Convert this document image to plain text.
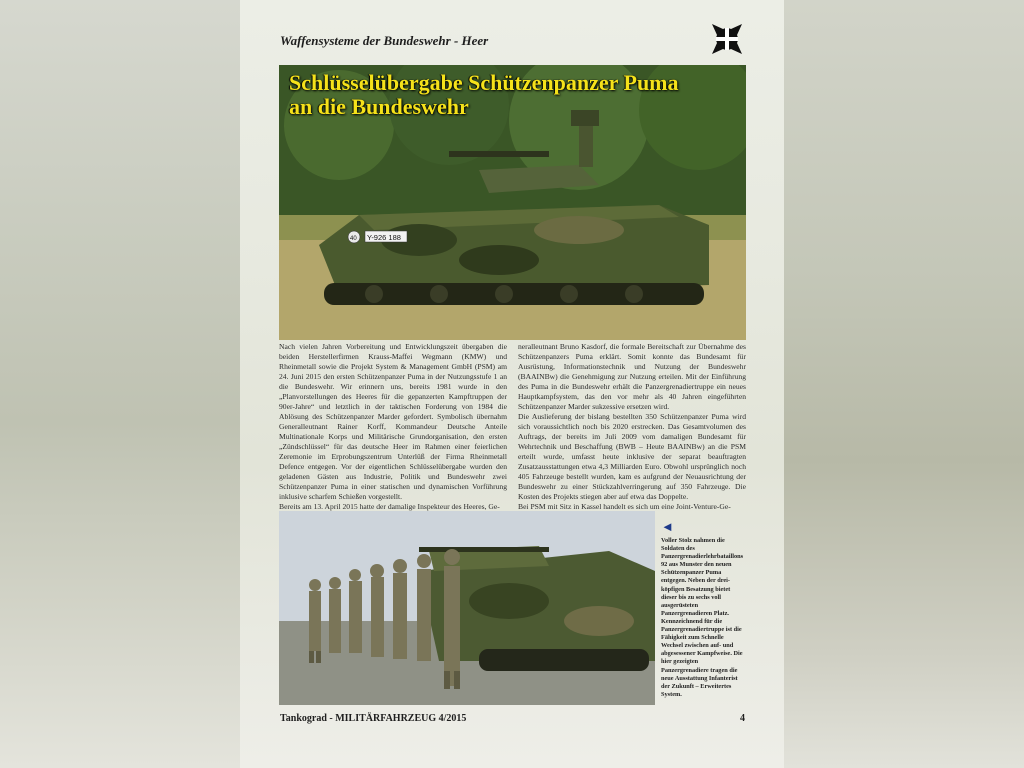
Waffensysteme der Bundeswehr - Heer
Y-926 188
40
Schlüsselübergabe Schützenpanzer Puma
an die Bundeswehr

Nach vielen Jahren Vorbereitung und Entwicklungszeit übergaben die beiden Herstellerfirmen Krauss-Maffei Wegmann (KMW) und Rheinmetall sowie die Projekt System & Management GmbH (PSM) am 24. Juni 2015 den ersten Schützenpanzer Puma in der Nutzungsstufe 1 an die Bundeswehr. Wir erinnern uns, bereits 1981 wurde in den „Planvorstellungen des Heeres für die gepanzerten Kampftruppen der 90er-Jahre“ und letztlich in der taktischen Forderung von 1984 die Ablösung des Schützenpanzer Marder gefordert. Symbolisch übernahm Generalleutnant Rainer Korff, Kommandeur Deutsche Anteile Multinationale Korps und Militärische Grundorganisation, den ersten „Zündschlüssel“ für das deutsche Heer im Rahmen einer feierlichen Zeremonie im Erprobungszentrum Unterlüß der Firma Rheinmetall Defence entgegen. Vor der eigentlichen Schlüsselübergabe wurden den geladenen Gästen aus Industrie, Politik und Bundeswehr zwei Schützenpanzer Puma in einer statischen und dynamischen Vorführung inklusive scharfem Schießen vorgestellt.

Bereits am 13. April 2015 hatte der damalige Inspekteur des Heeres, Ge-

neralleutnant Bruno Kasdorf, die formale Bereitschaft zur Übernahme des Schützenpanzers Puma erklärt. Somit konnte das Bundesamt für Ausrüstung, Informationstechnik und Nutzung der Bundeswehr (BAAINBw) die Genehmigung zur Nutzung erteilen. Mit der Einführung des Puma in die Bundeswehr erhält die Panzergrenadiertruppe ein neues Hauptkampfsystem, das den vor mehr als 40 Jahren eingeführten Schützenpanzer Marder sukzessive ersetzen wird.

Die Auslieferung der bislang bestellten 350 Schützenpanzer Puma wird sich voraussichtlich noch bis 2020 erstrecken. Das Gesamtvolumen des Auftrags, der bereits im Juli 2009 vom damaligen Bundesamt für Wehrtechnik und Beschaffung (BWB – Heute BAAINBw) an die PSM erteilt wurde, umfasst heute inklusive der separat beauftragten Zusatzausstattungen etwa 4,3 Milliarden Euro. Obwohl ursprünglich noch 405 Fahrzeuge bestellt wurden, kam es aufgrund der Neuausrichtung der Bundeswehr zu einer Stückzahlverringerung auf 350 Fahrzeuge. Die Kosten des Projekts stiegen aber auf etwa das Doppelte.

Bei PSM mit Sitz in Kassel handelt es sich um eine Joint-Venture-Ge-

◄

Voller Stolz nahmen die Soldaten des Panzergrenadierlehrbataillons 92 aus Munster den neuen Schützenpanzer Puma entgegen. Neben der drei-köpfigen Besatzung bietet dieser bis zu sechs voll ausgerüsteten Panzergrenadieren Platz. Kennzeichnend für die Panzergrenadiertruppe ist die Fähigkeit zum Schnelle Wechsel zwischen auf- und abgesessener Kampfweise. Die hier gezeigten Panzergrenadiere tragen die neue Ausstattung Infanterist der Zukunft – Erweitertes System.

Tankograd - MILITÄRFAHRZEUG 4/2015	4
